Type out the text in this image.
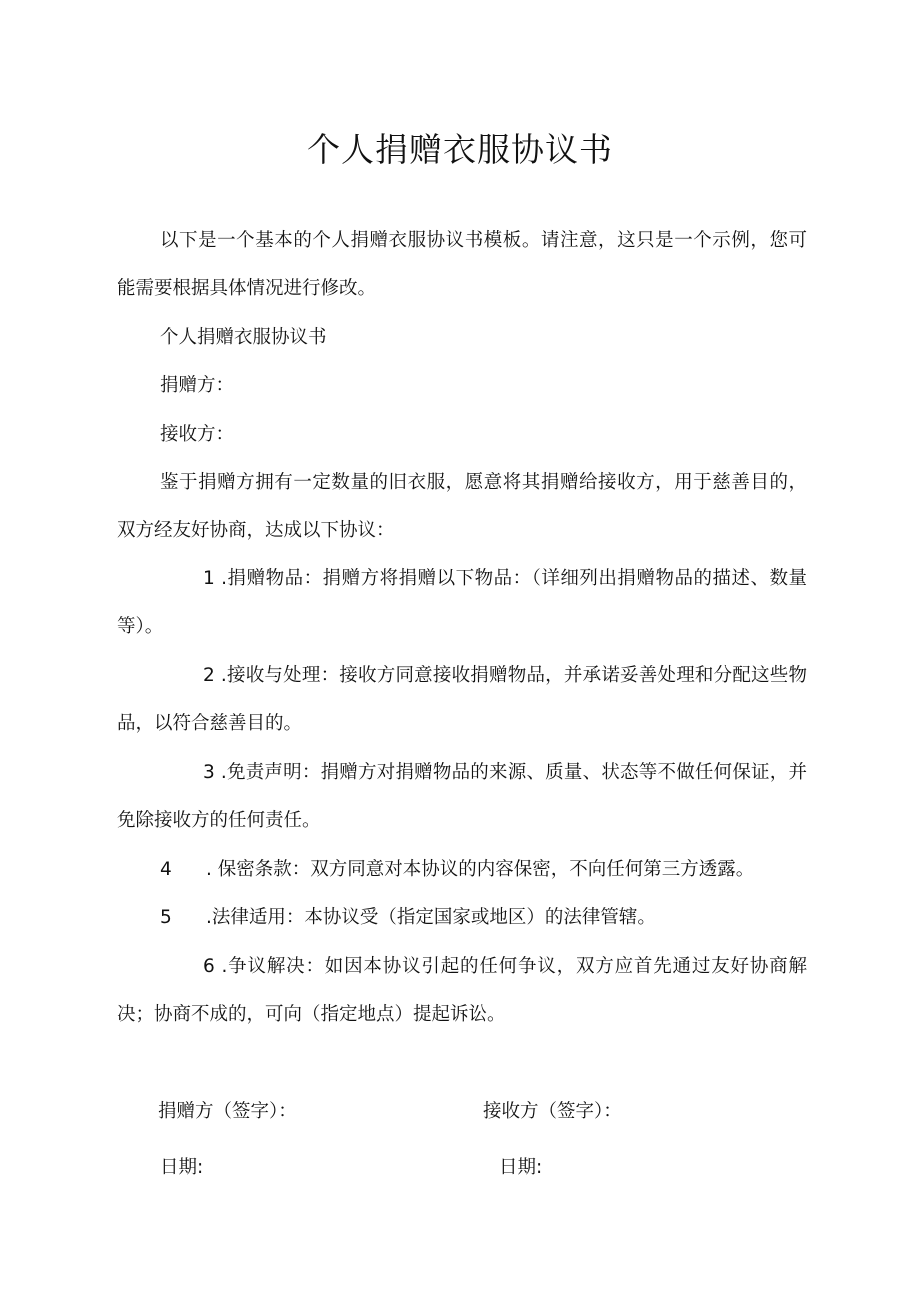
个人捐赠衣服协议书
以下是一个基本的个人捐赠衣服协议书模板。请注意，这只是一个示例，您可能需要根据具体情况进行修改。
个人捐赠衣服协议书
捐赠方：
接收方：
鉴于捐赠方拥有一定数量的旧衣服，愿意将其捐赠给接收方，用于慈善目的，双方经友好协商，达成以下协议：
1 .捐赠物品：捐赠方将捐赠以下物品：（详细列出捐赠物品的描述、数量等）。
2 .接收与处理：接收方同意接收捐赠物品，并承诺妥善处理和分配这些物品，以符合慈善目的。
3 .免责声明：捐赠方对捐赠物品的来源、质量、状态等不做任何保证，并免除接收方的任何责任。
4 . 保密条款：双方同意对本协议的内容保密，不向任何第三方透露。
5 .法律适用：本协议受（指定国家或地区）的法律管辖。
6 .争议解决：如因本协议引起的任何争议，双方应首先通过友好协商解决；协商不成的，可向（指定地点）提起诉讼。
捐赠方（签字）：	接收方（签字）：
日期:	日期:
